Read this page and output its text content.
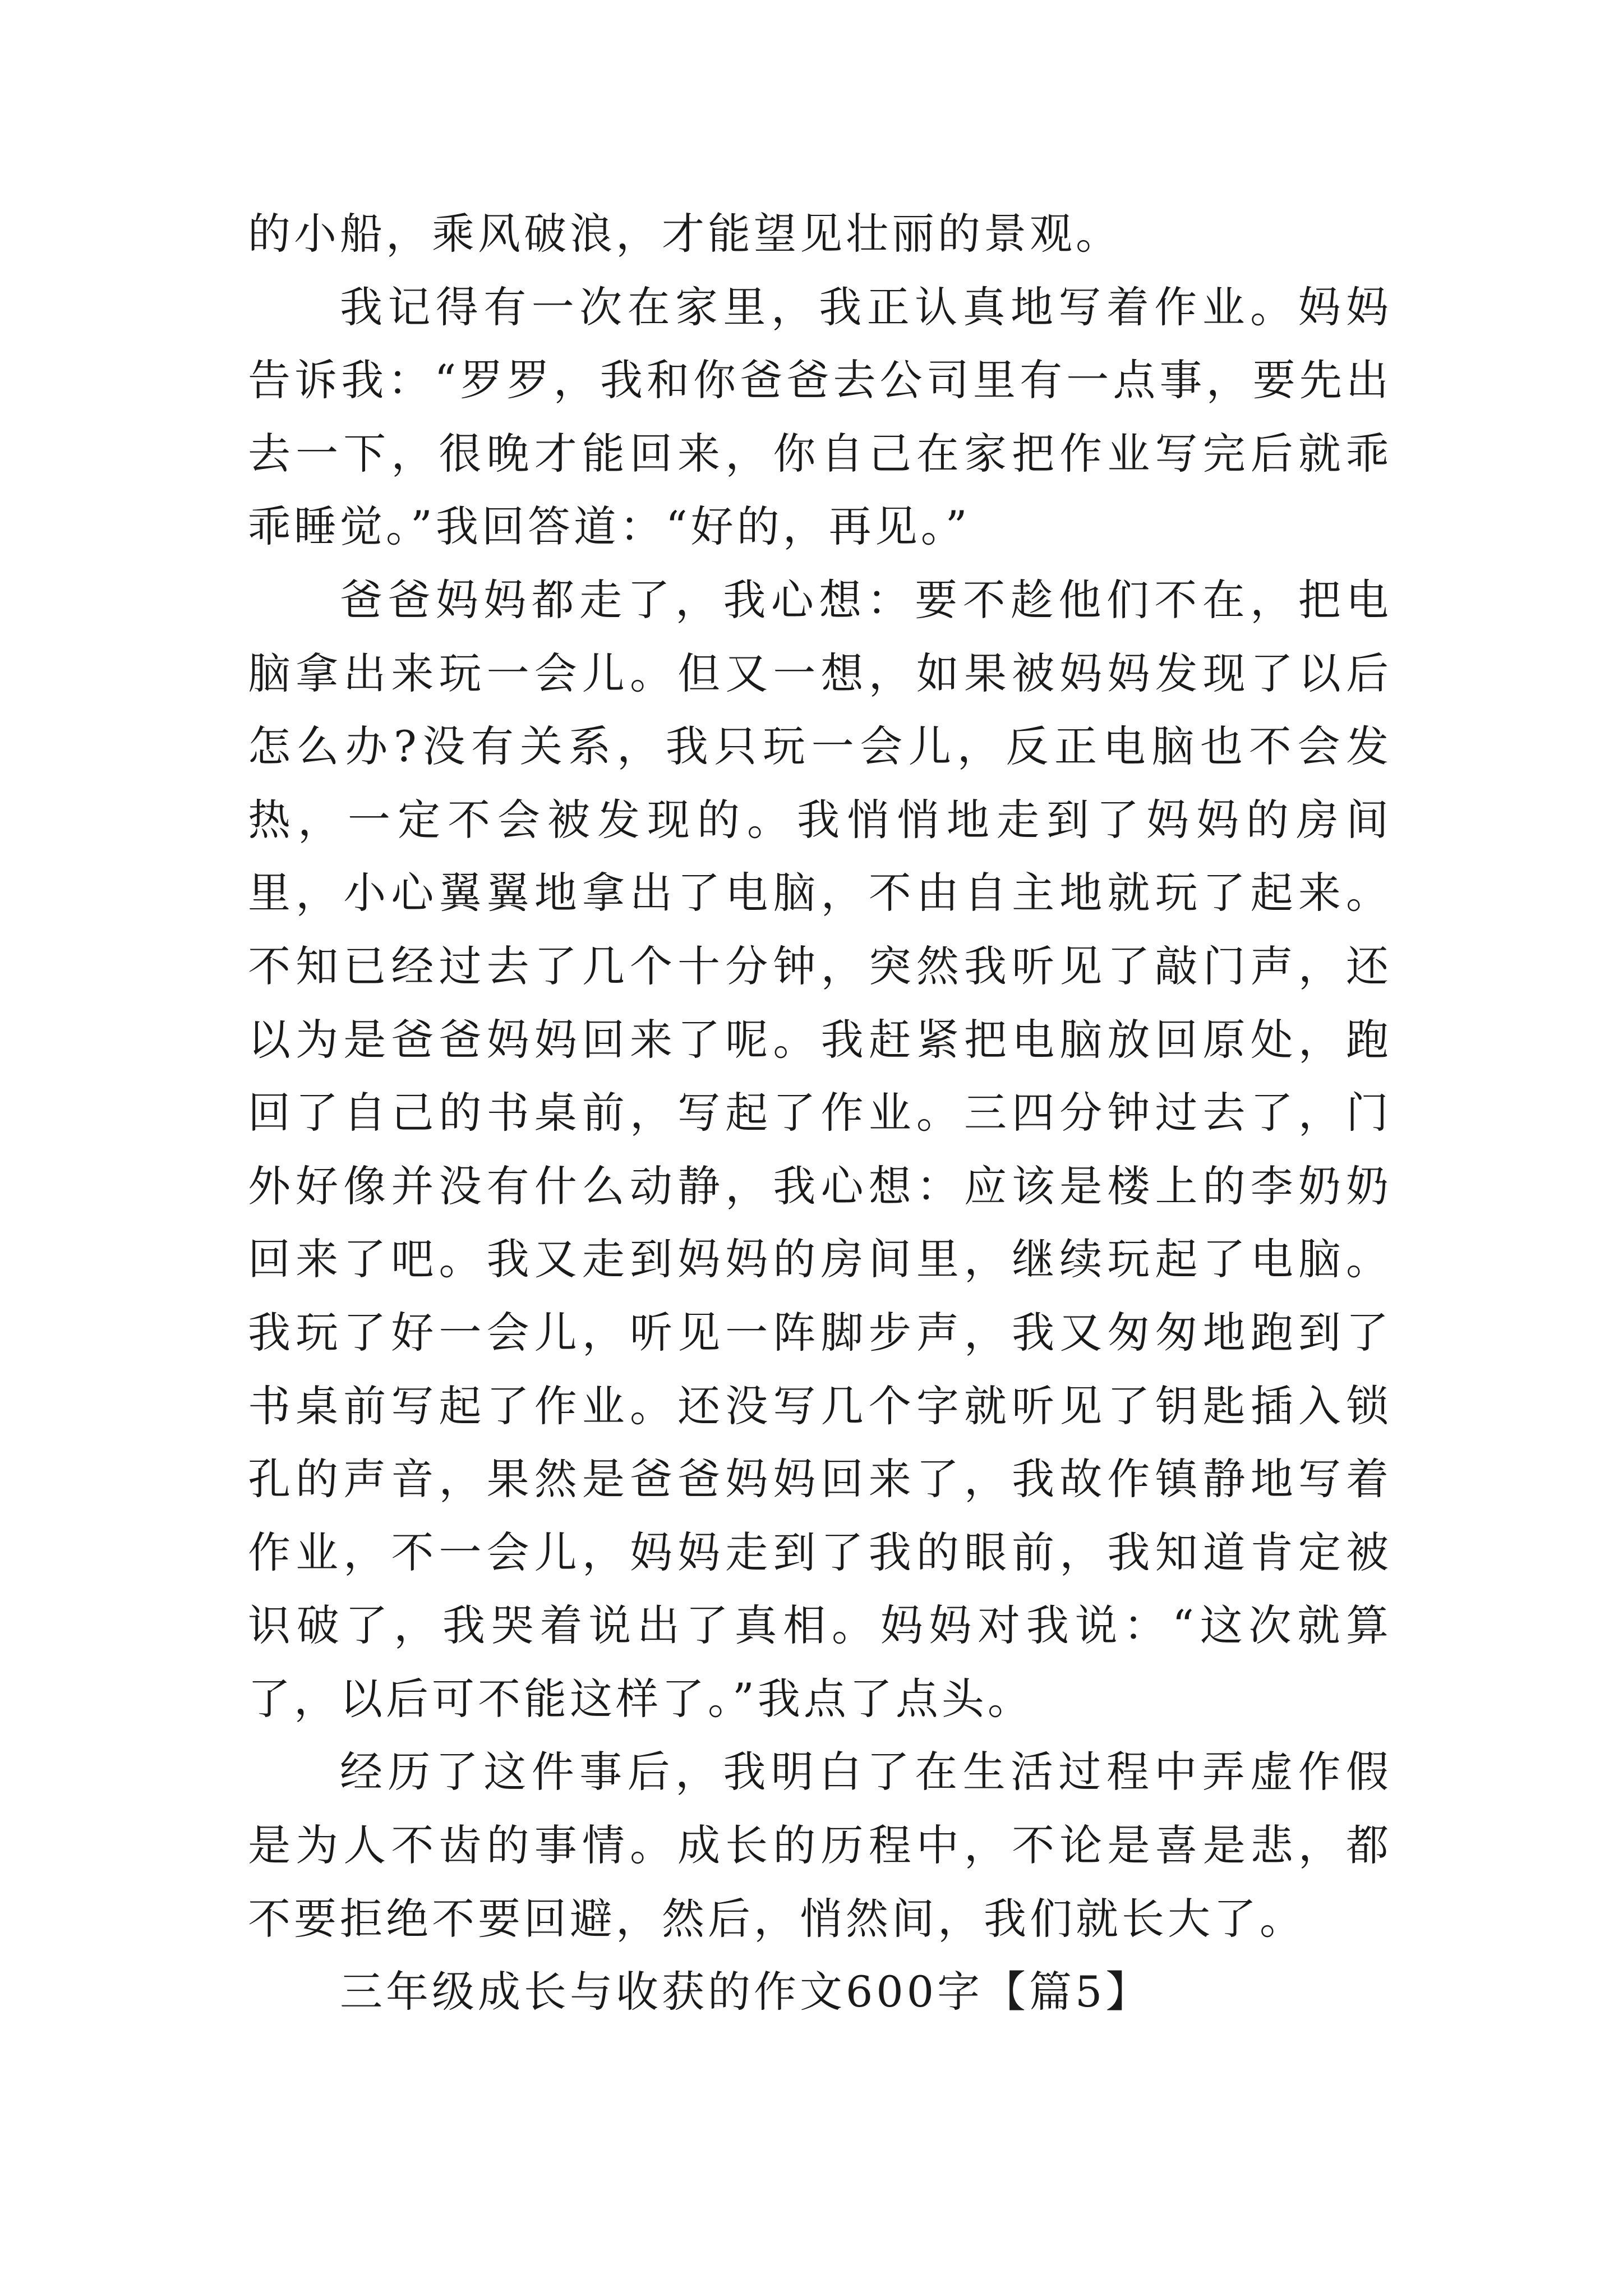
的小船，乘风破浪，才能望见壮丽的景观。

我记得有一次在家里，我正认真地写着作业。妈妈告诉我：“罗罗，我和你爸爸去公司里有一点事，要先出去一下，很晚才能回来，你自己在家把作业写完后就乖乖睡觉。”我回答道：“好的，再见。”

爸爸妈妈都走了，我心想：要不趁他们不在，把电脑拿出来玩一会儿。但又一想，如果被妈妈发现了以后怎么办?没有关系，我只玩一会儿，反正电脑也不会发热，一定不会被发现的。我悄悄地走到了妈妈的房间里，小心翼翼地拿出了电脑，不由自主地就玩了起来。不知已经过去了几个十分钟，突然我听见了敲门声，还以为是爸爸妈妈回来了呢。我赶紧把电脑放回原处，跑回了自己的书桌前，写起了作业。三四分钟过去了，门外好像并没有什么动静，我心想：应该是楼上的李奶奶回来了吧。我又走到妈妈的房间里，继续玩起了电脑。我玩了好一会儿，听见一阵脚步声，我又匆匆地跑到了书桌前写起了作业。还没写几个字就听见了钥匙插入锁孔的声音，果然是爸爸妈妈回来了，我故作镇静地写着作业，不一会儿，妈妈走到了我的眼前，我知道肯定被识破了，我哭着说出了真相。妈妈对我说：“这次就算了，以后可不能这样了。”我点了点头。

经历了这件事后，我明白了在生活过程中弄虚作假是为人不齿的事情。成长的历程中，不论是喜是悲，都不要拒绝不要回避，然后，悄然间，我们就长大了。

三年级成长与收获的作文600字【篇5】
